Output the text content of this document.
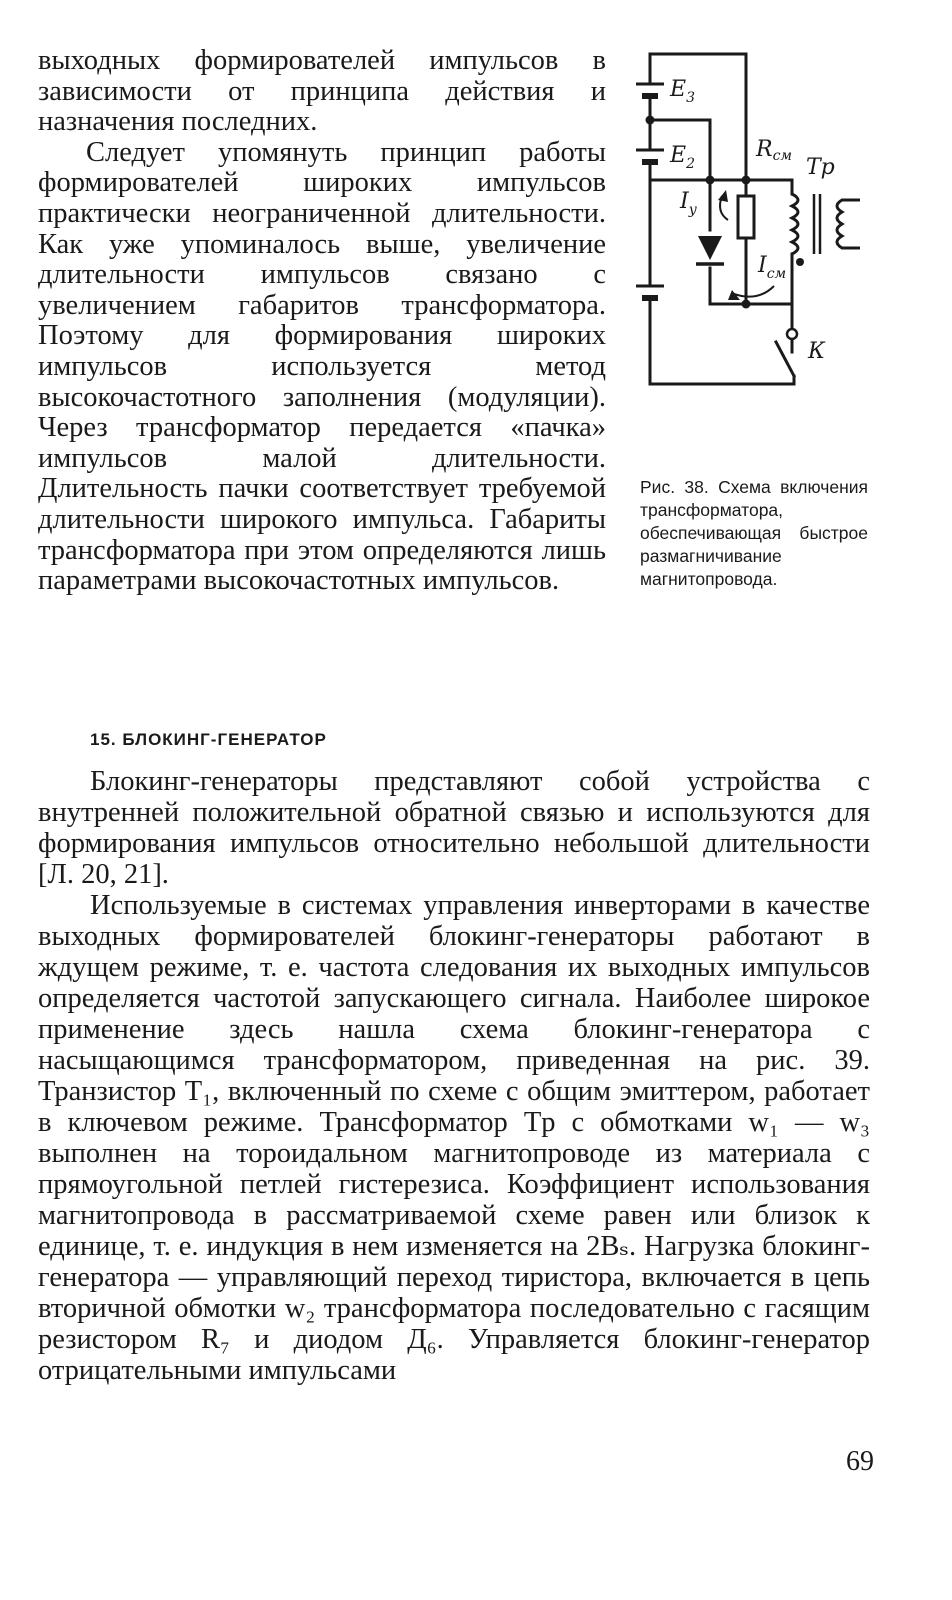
выходных формирователей импульсов в зависимости от принципа действия и назначения последних.

Следует упомянуть принцип работы формирователей широких импульсов практически неограниченной длительности. Как уже упоминалось выше, увеличение длительности импульсов связано с увеличением габаритов трансформатора. Поэтому для формирования широких импульсов используется метод высокочастотного заполнения (модуляции). Через трансформатор передается «пачка» импульсов малой длительности. Длительность пачки соответствует требуемой длительности широкого импульса. Габариты трансформатора при этом определяются лишь параметрами высокочастотных импульсов.

$E_3$
$E_2$
Rсм Тр
$I_y$
$I_{см}$
К

Рис. 38. Схема включения трансформатора, обеспечивающая быстрое размагничивание магнитопровода.

15. БЛОКИНГ-ГЕНЕРАТОР

Блокинг-генераторы представляют собой устройства с внутренней положительной обратной связью и используются для формирования импульсов относительно небольшой длительности [Л. 20, 21].

Используемые в системах управления инверторами в качестве выходных формирователей блокинг-генераторы работают в ждущем режиме, т. е. частота следования их выходных импульсов определяется частотой запускающего сигнала. Наиболее широкое применение здесь нашла схема блокинг-генератора с насыщающимся трансформатором, приведенная на рис. 39. Транзистор T₁, включенный по схеме с общим эмиттером, работает в ключевом режиме. Трансформатор Tр с обмотками w₁ — w₃ выполнен на тороидальном магнитопроводе из материала с прямоугольной петлей гистерезиса. Коэффициент использования магнитопровода в рассматриваемой схеме равен или близок к единице, т. е. индукция в нем изменяется на 2Bₛ. Нагрузка блокинг-генератора — управляющий переход тиристора, включается в цепь вторичной обмотки w₂ трансформатора последовательно с гасящим резистором R₇ и диодом Д₆. Управляется блокинг-генератор отрицательными импульсами

69
